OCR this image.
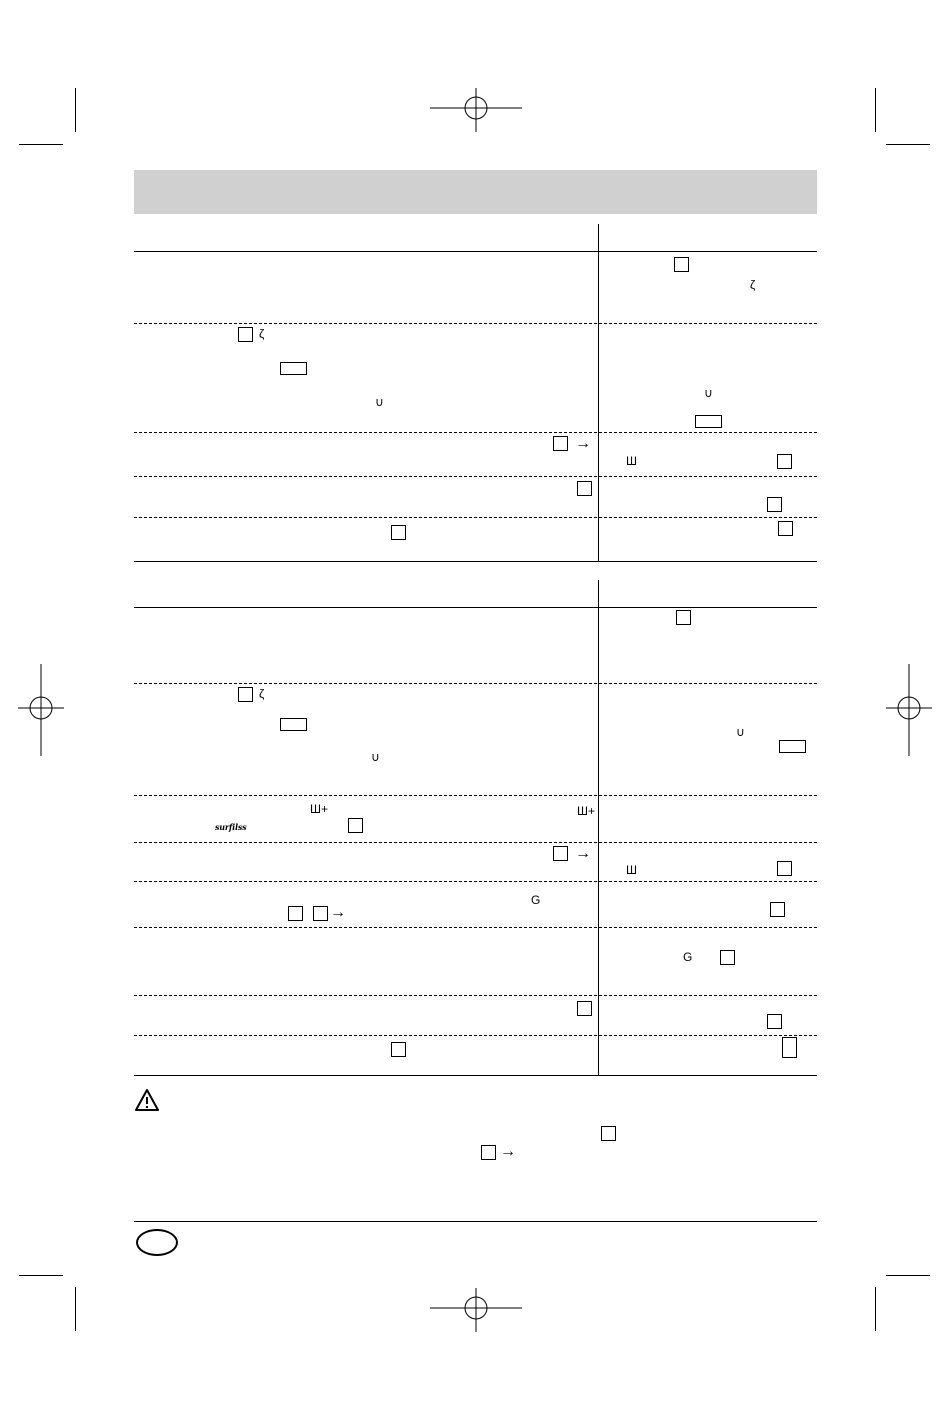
ζ
ζ
∪
∪
→
Ш
ζ
∪
∪
Ш+	Ш+
surfilss
→
Ш
G
→
G
→
